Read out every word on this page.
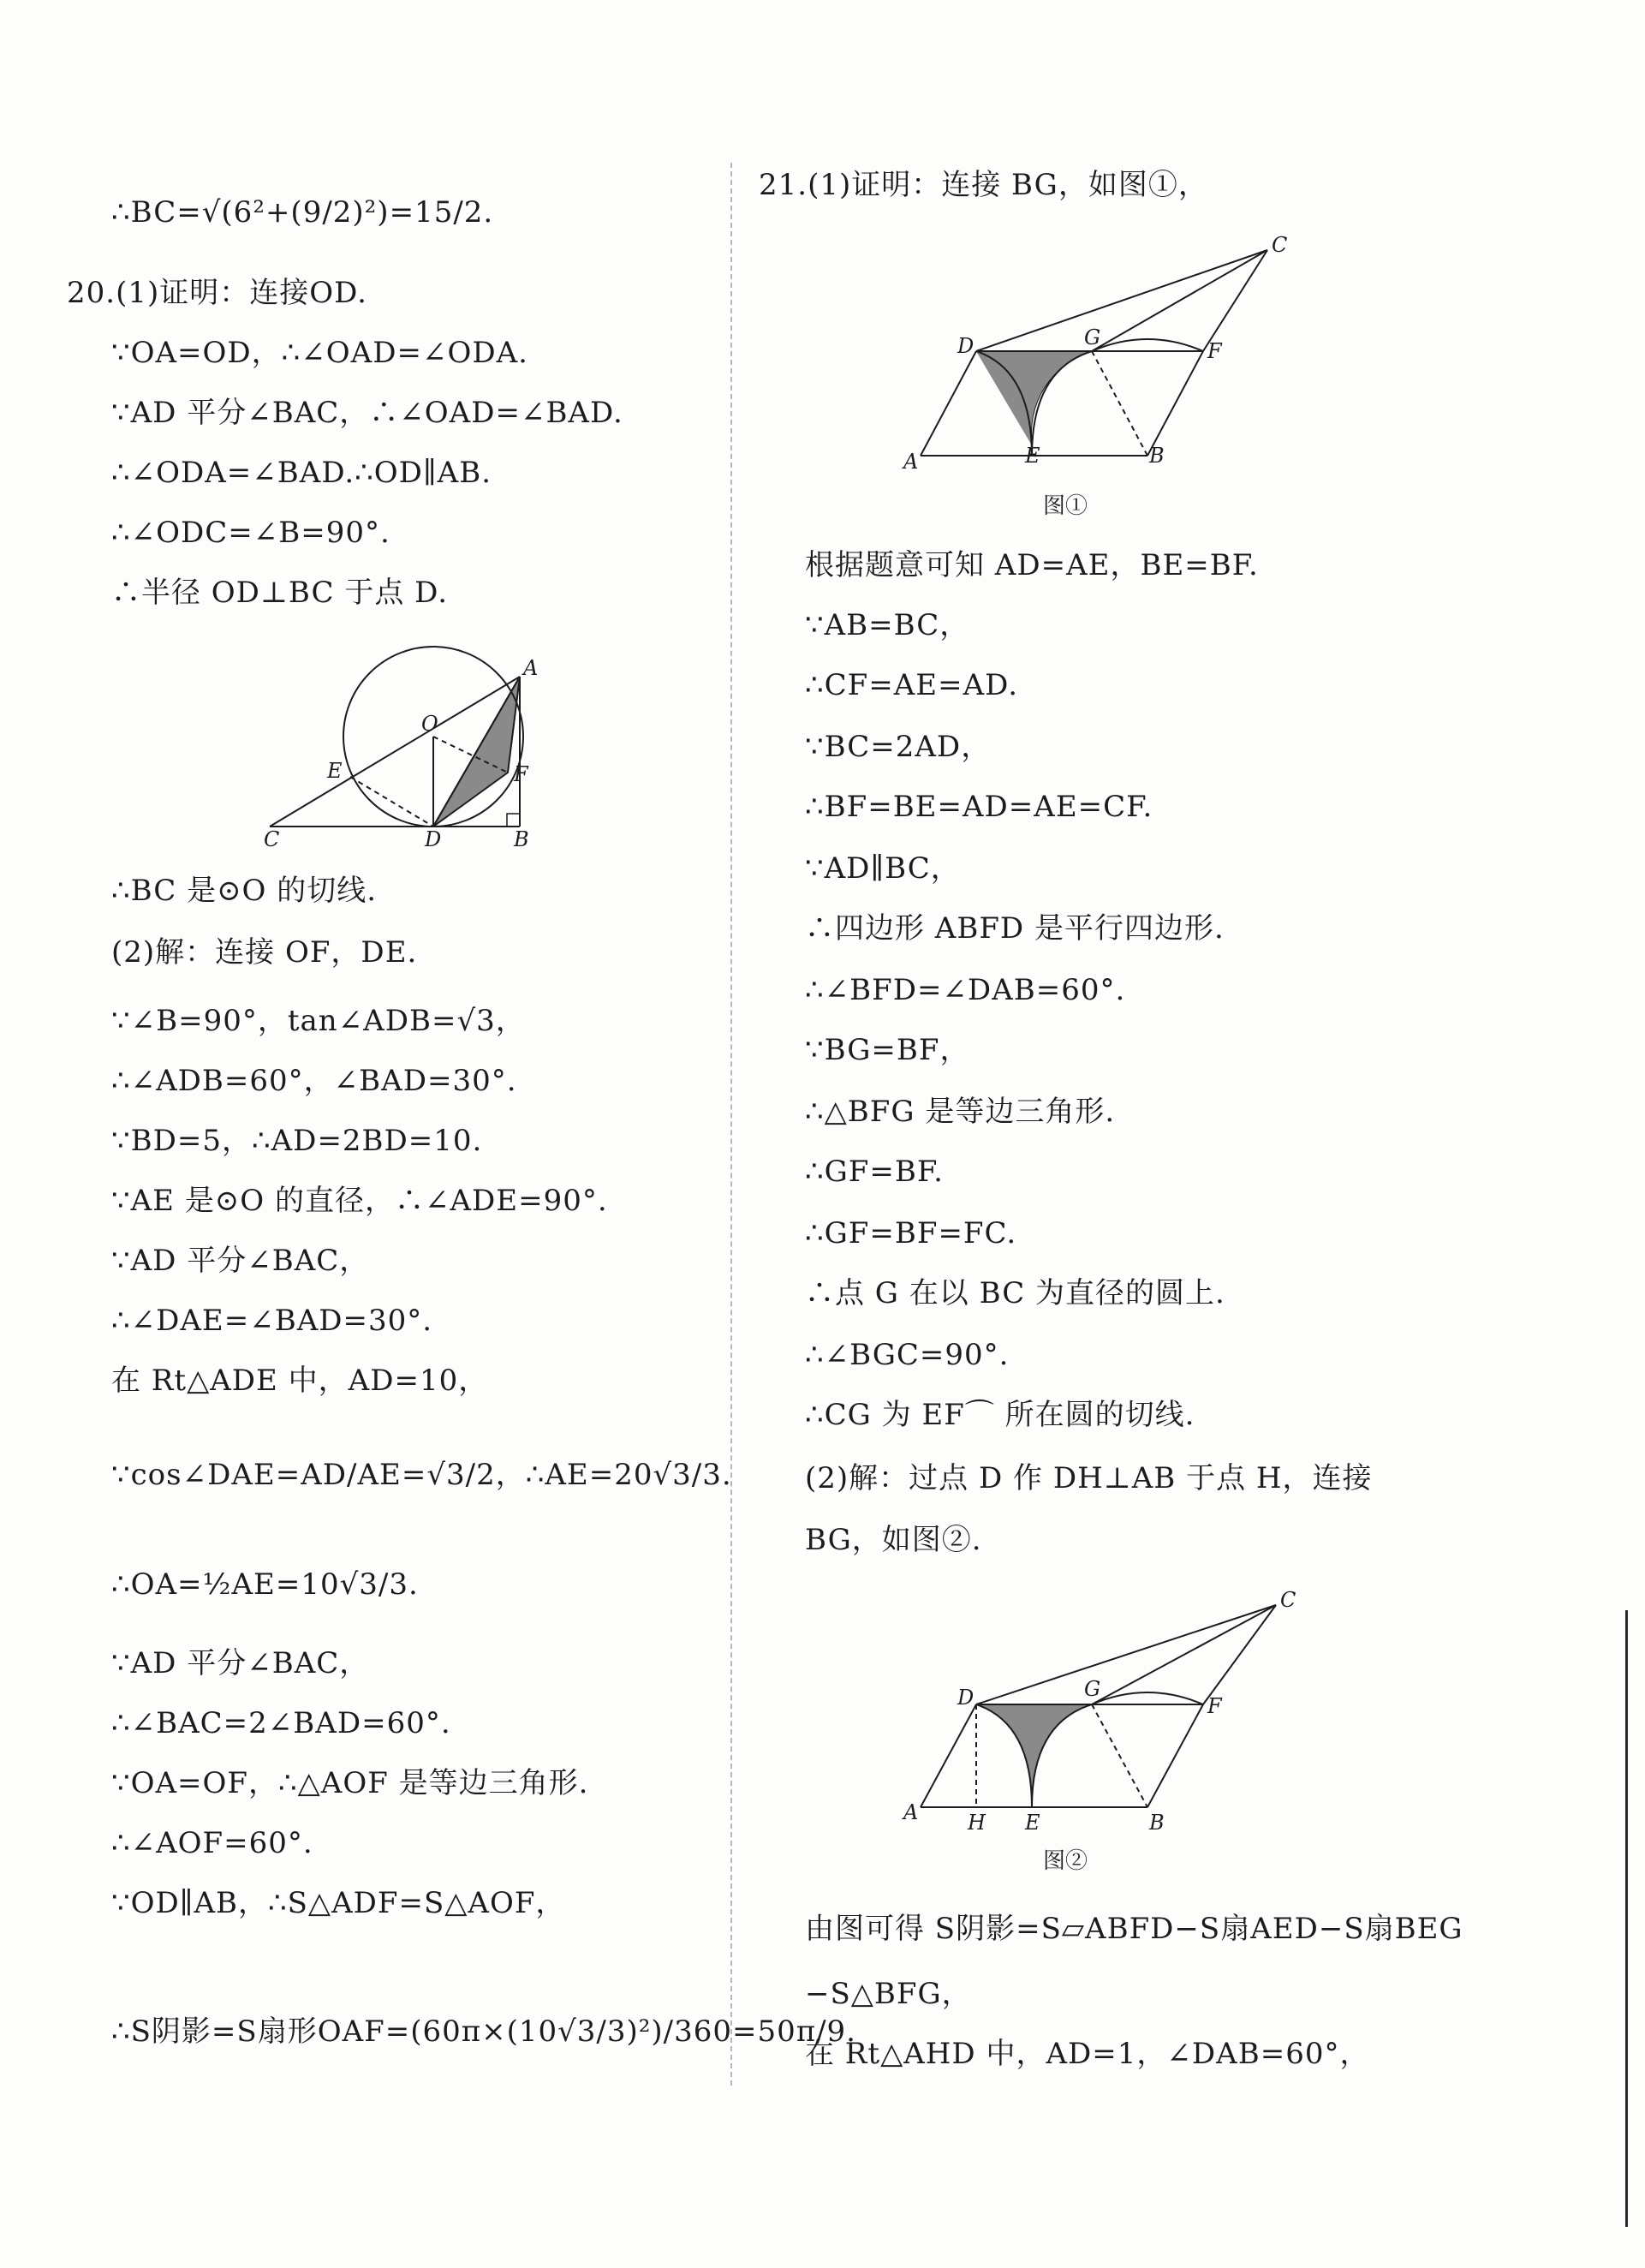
∴BC=√(6²+(9/2)²)=15/2.
20.(1)证明：连接OD.
∵OA=OD，∴∠OAD=∠ODA.
∵AD 平分∠BAC，∴∠OAD=∠BAD.
∴∠ODA=∠BAD.∴OD∥AB.
∴∠ODC=∠B=90°.
∴半径 OD⊥BC 于点 D.
A
O
E	F
C	D	B
∴BC 是⊙O 的切线.
(2)解：连接 OF，DE.
∵∠B=90°，tan∠ADB=√3，
∴∠ADB=60°，∠BAD=30°.
∵BD=5，∴AD=2BD=10.
∵AE 是⊙O 的直径，∴∠ADE=90°.
∵AD 平分∠BAC，
∴∠DAE=∠BAD=30°.
在 Rt△ADE 中，AD=10，
∵cos∠DAE=AD/AE=√3/2，∴AE=20√3/3.
∴OA=½AE=10√3/3.
∵AD 平分∠BAC，
∴∠BAC=2∠BAD=60°.
∵OA=OF，∴△AOF 是等边三角形.
∴∠AOF=60°.
∵OD∥AB，∴S△ADF=S△AOF，
∴S阴影=S扇形OAF=(60π×(10√3/3)²)/360=50π/9.
21.(1)证明：连接 BG，如图①，
C
D	G
F
A	E	B
图①
根据题意可知 AD=AE，BE=BF.
∵AB=BC，
∴CF=AE=AD.
∵BC=2AD，
∴BF=BE=AD=AE=CF.
∵AD∥BC，
∴四边形 ABFD 是平行四边形.
∴∠BFD=∠DAB=60°.
∵BG=BF，
∴△BFG 是等边三角形.
∴GF=BF.
∴GF=BF=FC.
∴点 G 在以 BC 为直径的圆上.
∴∠BGC=90°.
∴CG 为 EF⌒ 所在圆的切线.
(2)解：过点 D 作 DH⊥AB 于点 H，连接
BG，如图②.
C
D	G
F
A H E	B
图②
由图可得 S阴影=S▱ABFD−S扇AED−S扇BEG
−S△BFG，
在 Rt△AHD 中，AD=1，∠DAB=60°，
